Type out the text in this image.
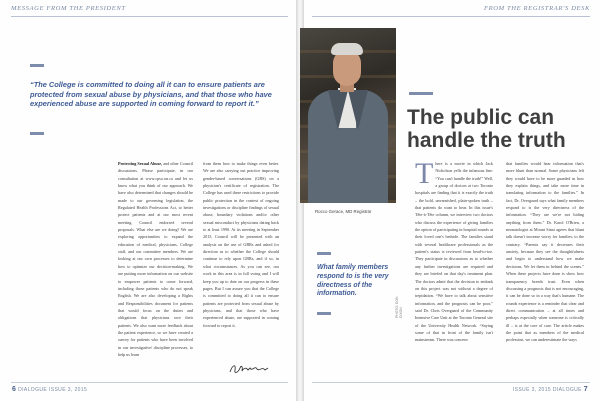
MESSAGE FROM THE PRESIDENT
“The College is committed to doing all it can to ensure patients are protected from sexual abuse by physicians, and that those who have experienced abuse are supported in coming forward to report it.”

Protecting Sexual Abuse, and other Council discussions. Please participate, in our consultation at www.cpso.on.ca and let us know what you think of our approach. We have also determined that changes should be made to our governing legislation, the Regulated Health Professions Act, to better protect patients and at our most recent meeting, Council endorsed several proposals. What else are we doing? We are exploring opportunities to expand the education of medical, physicians, College staff, and our committee members. We are looking at our own processes to determine how to optimize our decision-making. We are putting more information on our website to empower patients to come forward, including those patients who do not speak English. We are also developing a Rights and Responsibilities document for patients that would focus on the duties and obligations that physicians owe their patients. We also want more feedback about the patient experience, so we have created a survey for patients who have been involved in our investigative/ discipline processes, to help us learn

from them how to make things even better. We are also carrying out practice improving gender-based conversations (GBS) on a physician's certificate of registration. The College has used these restrictions to provide public protection in the context of ongoing investigations or discipline findings of sexual abuse, boundary violations and/or other sexual misconduct by physicians dating back to at least 1990. At its meeting in September 2015, Council will be presented with an analysis on the use of GBRs and asked for direction as to whether the College should continue to rely upon GBRs, and if so, in what circumstances. As you can see, our work in this area is in full swing and I will keep you up to date on our progress in these pages. But I can assure you that the College is committed to doing all it can to ensure patients are protected from sexual abuse by physicians, and that those who have experienced abuse, are supported in coming forward to report it.

6 DIALOGUE ISSUE 3, 2015
FROM THE REGISTRAR'S DESK
Rocco Gerace, MD Registrar
PHOTO: DON DIXON
The public can handle the truth
What family members respond to is the very directness of the information.

There is a movie in which Jack Nicholson yells the infamous line: “You can't handle the truth!” Well, a group of doctors at two Toronto hospitals are finding that it is exactly the truth – the bold, unvarnished, plain-spoken truth – that patients do want to hear. In this issue's Tête-à-Tête column, we interview two doctors who discuss the experience of giving families the option of participating in hospital rounds at their loved one's bedside. The families stand with several healthcare professionals as the patient's status is reviewed from head-to-toe. They participate in discussions as to whether any further investigations are required and they are briefed on that day's treatment plan. The doctors admit that the decision to embark on this project was not without a degree of trepidation. “We have to talk about sensitive information, and the prognosis can be poor,” said Dr. Chris Overgaard of the Community Intensive Care Unit at the Toronto General site of the University Health Network. “Saying some of that in front of the family isn't mainstream. There was concern

that families would hear information that's more blunt than normal. Some physicians felt they would have to be more guarded in how they explain things, and take more time in translating information to the families.” In fact, Dr. Overgaard says what family members respond to is the very directness of the information. “They are we're not hiding anything from them.” Dr. Karol O'Brien, a neonatologist at Mount Sinai agrees that blunt talk doesn't increase worry for families; to the contrary. “Parents say it decreases their anxiety, because they see the thoughtfulness and begin to understand how we make decisions. We let them in behind the scenes.” When these projects have done is show how transparency breeds trust. Even when discussing a prognosis that is not encouraging, it can be done so in a way that's humane. The rounds experience is a reminder that clear and direct communication – at all times and perhaps especially when someone is critically ill – is at the core of care. The article makes the point that as members of the medical profession, we can underestimate the ways

ISSUE 3, 2015 DIALOGUE 7
